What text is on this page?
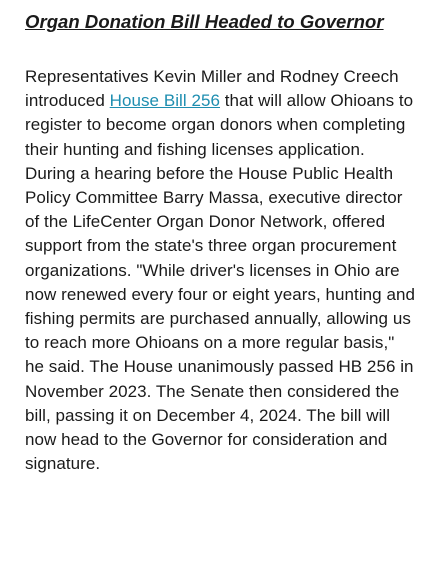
Organ Donation Bill Headed to Governor

Representatives Kevin Miller and Rodney Creech introduced House Bill 256 that will allow Ohioans to register to become organ donors when completing their hunting and fishing licenses application. During a hearing before the House Public Health Policy Committee Barry Massa, executive director of the LifeCenter Organ Donor Network, offered support from the state's three organ procurement organizations. "While driver's licenses in Ohio are now renewed every four or eight years, hunting and fishing permits are purchased annually, allowing us to reach more Ohioans on a more regular basis," he said. The House unanimously passed HB 256 in November 2023. The Senate then considered the bill, passing it on December 4, 2024. The bill will now head to the Governor for consideration and signature.
